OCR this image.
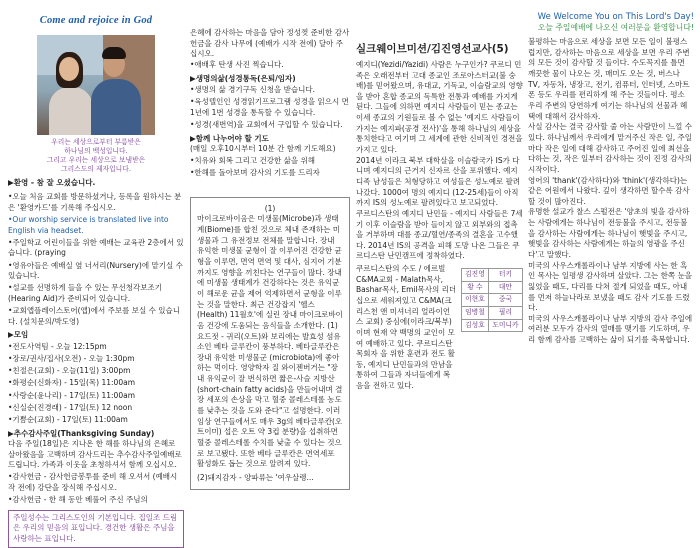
Come and rejoice in God
우리는 세상으로부터 부름받은
하나님의 백성입니다.
그리고 우리는 세상으로 보냄받은
그리스도의 제자입니다.

▶환영 - 참 잘 오셨습니다.

•오늘 처음 교회를 방문하셨거나, 등록을 원하시는 분은 '환영카드'를 기록해 주십시오.
•Our worship service is translated live into English via headset.
•주일학교 어린이들을 위한 예배는 교육관 2층에서 있습니다. (praying
•영유아들은 예배실 옆 너서리(Nursery)에 맡기실 수 있습니다.
•설교를 선명하게 들을 수 있는 무선청각보조기(Hearing Aid)가 준비되어 있습니다.
•교회앱플레이스토어(앱)에서 주보를 보실 수 있습니다. (설치문의/박도영)

▶모임

•전도사역팀 - 오늘 12:15pm
•장로/권사/집사(오전) - 오늘 1:30pm
•친절은(교회) - 오늘(11일) 3:00pm
•화평순(신화자) - 15일(목) 11:00am
•사랑순(윤나리) - 17일(토) 11:00am
•신실순(진경래) - 17일(토) 12 noon
•기쁨순(교회) - 17일(토) 11:00am

▶추수감사주일(Thanksgiving Sunday)

다음 주일(18일)은 지나온 한 해를 하나님의 은혜로 살아왔음을 고백하며 감사드리는 추수감사주일예배로 드립니다. 가족과 이웃을 초청하셔서 함께 오십시오.

•감사헌금 - 감사헌금봉투를 준비 해 오셔서 (예배시작 전에) 강단을 장식해 주십시오.
•감사헌금 - 한 해 동안 베풀어 주신 주님의
주일성수는 그리스도인의 기본입니다. 집일조 드림은 우리의 믿음의 표입니다. 경건한 생활은 주님을 사랑하는 표입니다.

은혜에 감사하는 마음을 담아 정성껏 준비한 감사헌금을 감사 나무에 (예배가 시작 전에) 달아 주십시오.

•애배후 탄생 사진 찍습니다.

▶생명의삶(성경통독(은퇴/임자)

•생명의 삶 경기구독 신청을 받습니다.
•육성텔인인 성경읽기프로그램 성경을 읽으시 면 1년에 1번 성경을 통독할 수 있습니다.
•성경(새번역)을 교회에서 구입할 수 있습니다.

▶함께 나누어야 할 기도

(매일 오후10시부터 10분 간 함께 기도해요)

•치유와 회복 그리고 건강한 삶을 위해
•한해를 돌아보며 감사의 기도를 드리자

(1)

마이크로바이옴은 미생물(Microbe)과 생태계(Biome)를 합친 것으로 체내 존재하는 미생물과 그 유전정보 전체를 말합니다. 장내 유익한 미생물 균형이 잘 이루어진 건강한 균형을 이루면, 면역 면역 및 대사, 심지어 기분까지도 영향을 끼친다는 연구들이 많다. 장내에 미생물 생태계가 건강하다는 것은 유익균이 해로운 균을 제어 억제하면서 균형을 이루는 것을 말한다. 최근 건강잡지 '헬스(Health) 11월호'에 실린 장내 마이크로바이옴 건강에 도움되는 음식들을 소개한다. (1)요드젓 - 귀리(오트)와 보리에는 발효성 섬유소인 베타 글루칸이 풍부하다. 베타글루칸은 장내 유익한 미생물군 (microbiota)에 좋아하는 먹이다. 영양학자 질 와이젠버거는 "장내 유익균이 잘 번식하면 짧은-사슬 지방산(short-chain fatty acids)을 만들어내며 결장 세포의 손상을 막고 혈중 콜레스테롤 농도를 낮추는 것을 도와 준다"고 설명한다. 이러 임상 연구들에서도 매우 3g의 베타글루칸(오트이미) 섭은 오트 약 3컵 분량)을 섭취하면 혈중 콜레스테롤 수치를 낮출 수 있다는 것으로 보고됐다. 또한 베타 글루칸은 면역세포 활성화도 돕는 것으로 알려져 있다.

(2)돼지감자 - 양파류는 '여우살렝...

실크웨이브미션/김진영선교사(5)

예지디(Yezidi/Yazidi) 사람은 누구인가? 쿠르디 민족은 오래전부터 고대 종교인 조로아스터교(불 숭배)를 믿어왔으며, 유대교, 기독교, 이슬람교의 영향을 받아 혼합 종교의 독특한 전통과 예배를 가지게 된다. 그들에 의하면 예지디 사람들이 믿는 종교는 이세 종교의 기원들로 볼 수 없는 '예지드 사람들이 가지는 예지파(공경 전사)'을 통해 하나님의 세상을 통치한다고 여기며 그 세계에 관한 신비적인 경전을 가지고 있다.

2014년 이라크 북부 대학살을 이슬람국가 IS가 다니며 예지디의 근거지 신자르 산을 포위했다. 예지디족 남성들은 처형당하고 여성들은 성노예로 팔려 나갔다. 1000여 명의 예지디 (12-25세)들이 아직까지 IS의 성노예로 팔려있다고 보고되었다.

쿠르디스탄의 예지디 난민들 - 예지디 사람들은 7세기 이후 이슬람을 받아 들이지 않고 외부와의 접촉을 거부하며 대를 종교/혈연/종족의 결혼을 고수했다. 2014년 IS의 공격을 피해 도망 나온 그들은 쿠르디스탄 난민캠프에 정착하였다.

쿠르디스탄의 수도 / 에르빌 C&MA교회 - Malath목사, Bashar목사, Emil목사의 리더십으로 세워져있고 C&MA(크리스천 앤 미셔너리 얼라이언스 교회) 중심에(이라크/북부)이며 현재 약 백명의 교인이 모여 예배하고 있다. 쿠르디스탄 목회자 을 위한 훈련과 전도 활동, 예지디 난민들과의 만남을 통하여 그들과 자녀들에게 복음을 전하고 있다.

김진영	터키
황 수	대만
이현호	중국
임병철	필리
김성호	도미니카
We Welcome You on This Lord's Day!
오늘 주일예배에 나오신 여러분을 환영합니다!

불평하는 마음으로 세상을 보면 모든 일이 불평스럽지만, 감사하는 마음으로 세상을 보면 우리 주변의 모든 것이 감사할 것 들이다. 수도꼭지를 틀면 깨끗한 물이 나오는 것, 매미도 오는 것, 버스나 TV, 자동차, 냉장고, 전기, 컴퓨터, 인터넷, 스마트폰 등도 우리를 편리하게 해 주는 것들이다. 평소 우리 주변의 당연하게 여기는 하나님의 선물과 혜택에 대해서 감사하자.

사실 감사는 결국 감사할 줄 아는 사람만이 느낄 수 있다. 하나님께서 우리에게 맡겨주신 작은 일, 주일 마다 작은 일에 대해 감사하고 주어진 일에 최선을 다하는 것, 작은 일부터 감사하는 것이 진정 감사의 시작이다.

영어의 'thank'(감사하다)와 'think'(생각하다)는 같은 어원에서 나왔다. 깊이 생각하면 할수록 감사할 것이 많아진다.

유명한 설교가 찰스 스펄전은 '양초의 빛을 감사하는 사람에게는 하나님이 전등불을 주시고, 전등불을 감사하는 사람에게는 하나님이 햇빛을 주시고, 햇빛을 감사하는 사람에게는 하늘의 영광을 주신다'고 말했다.

미국의 사우스캐롤라이나 남부 지방에 사는 한 흑인 목사는 일평생 감사하며 살았다. 그는 한쪽 눈을 잃었을 때도, 다리를 다쳐 절게 되었을 때도, 아내를 먼저 하늘나라로 보냈을 때도 감사 기도를 드렸다.

미국의 사우스캐롤라이나 남부 지방의 감사 주일에 여러분 모두가 감사의 열매를 맺기를 기도하며, 우리 함께 감사를 고백하는 삶이 되기를 축복합니다.
